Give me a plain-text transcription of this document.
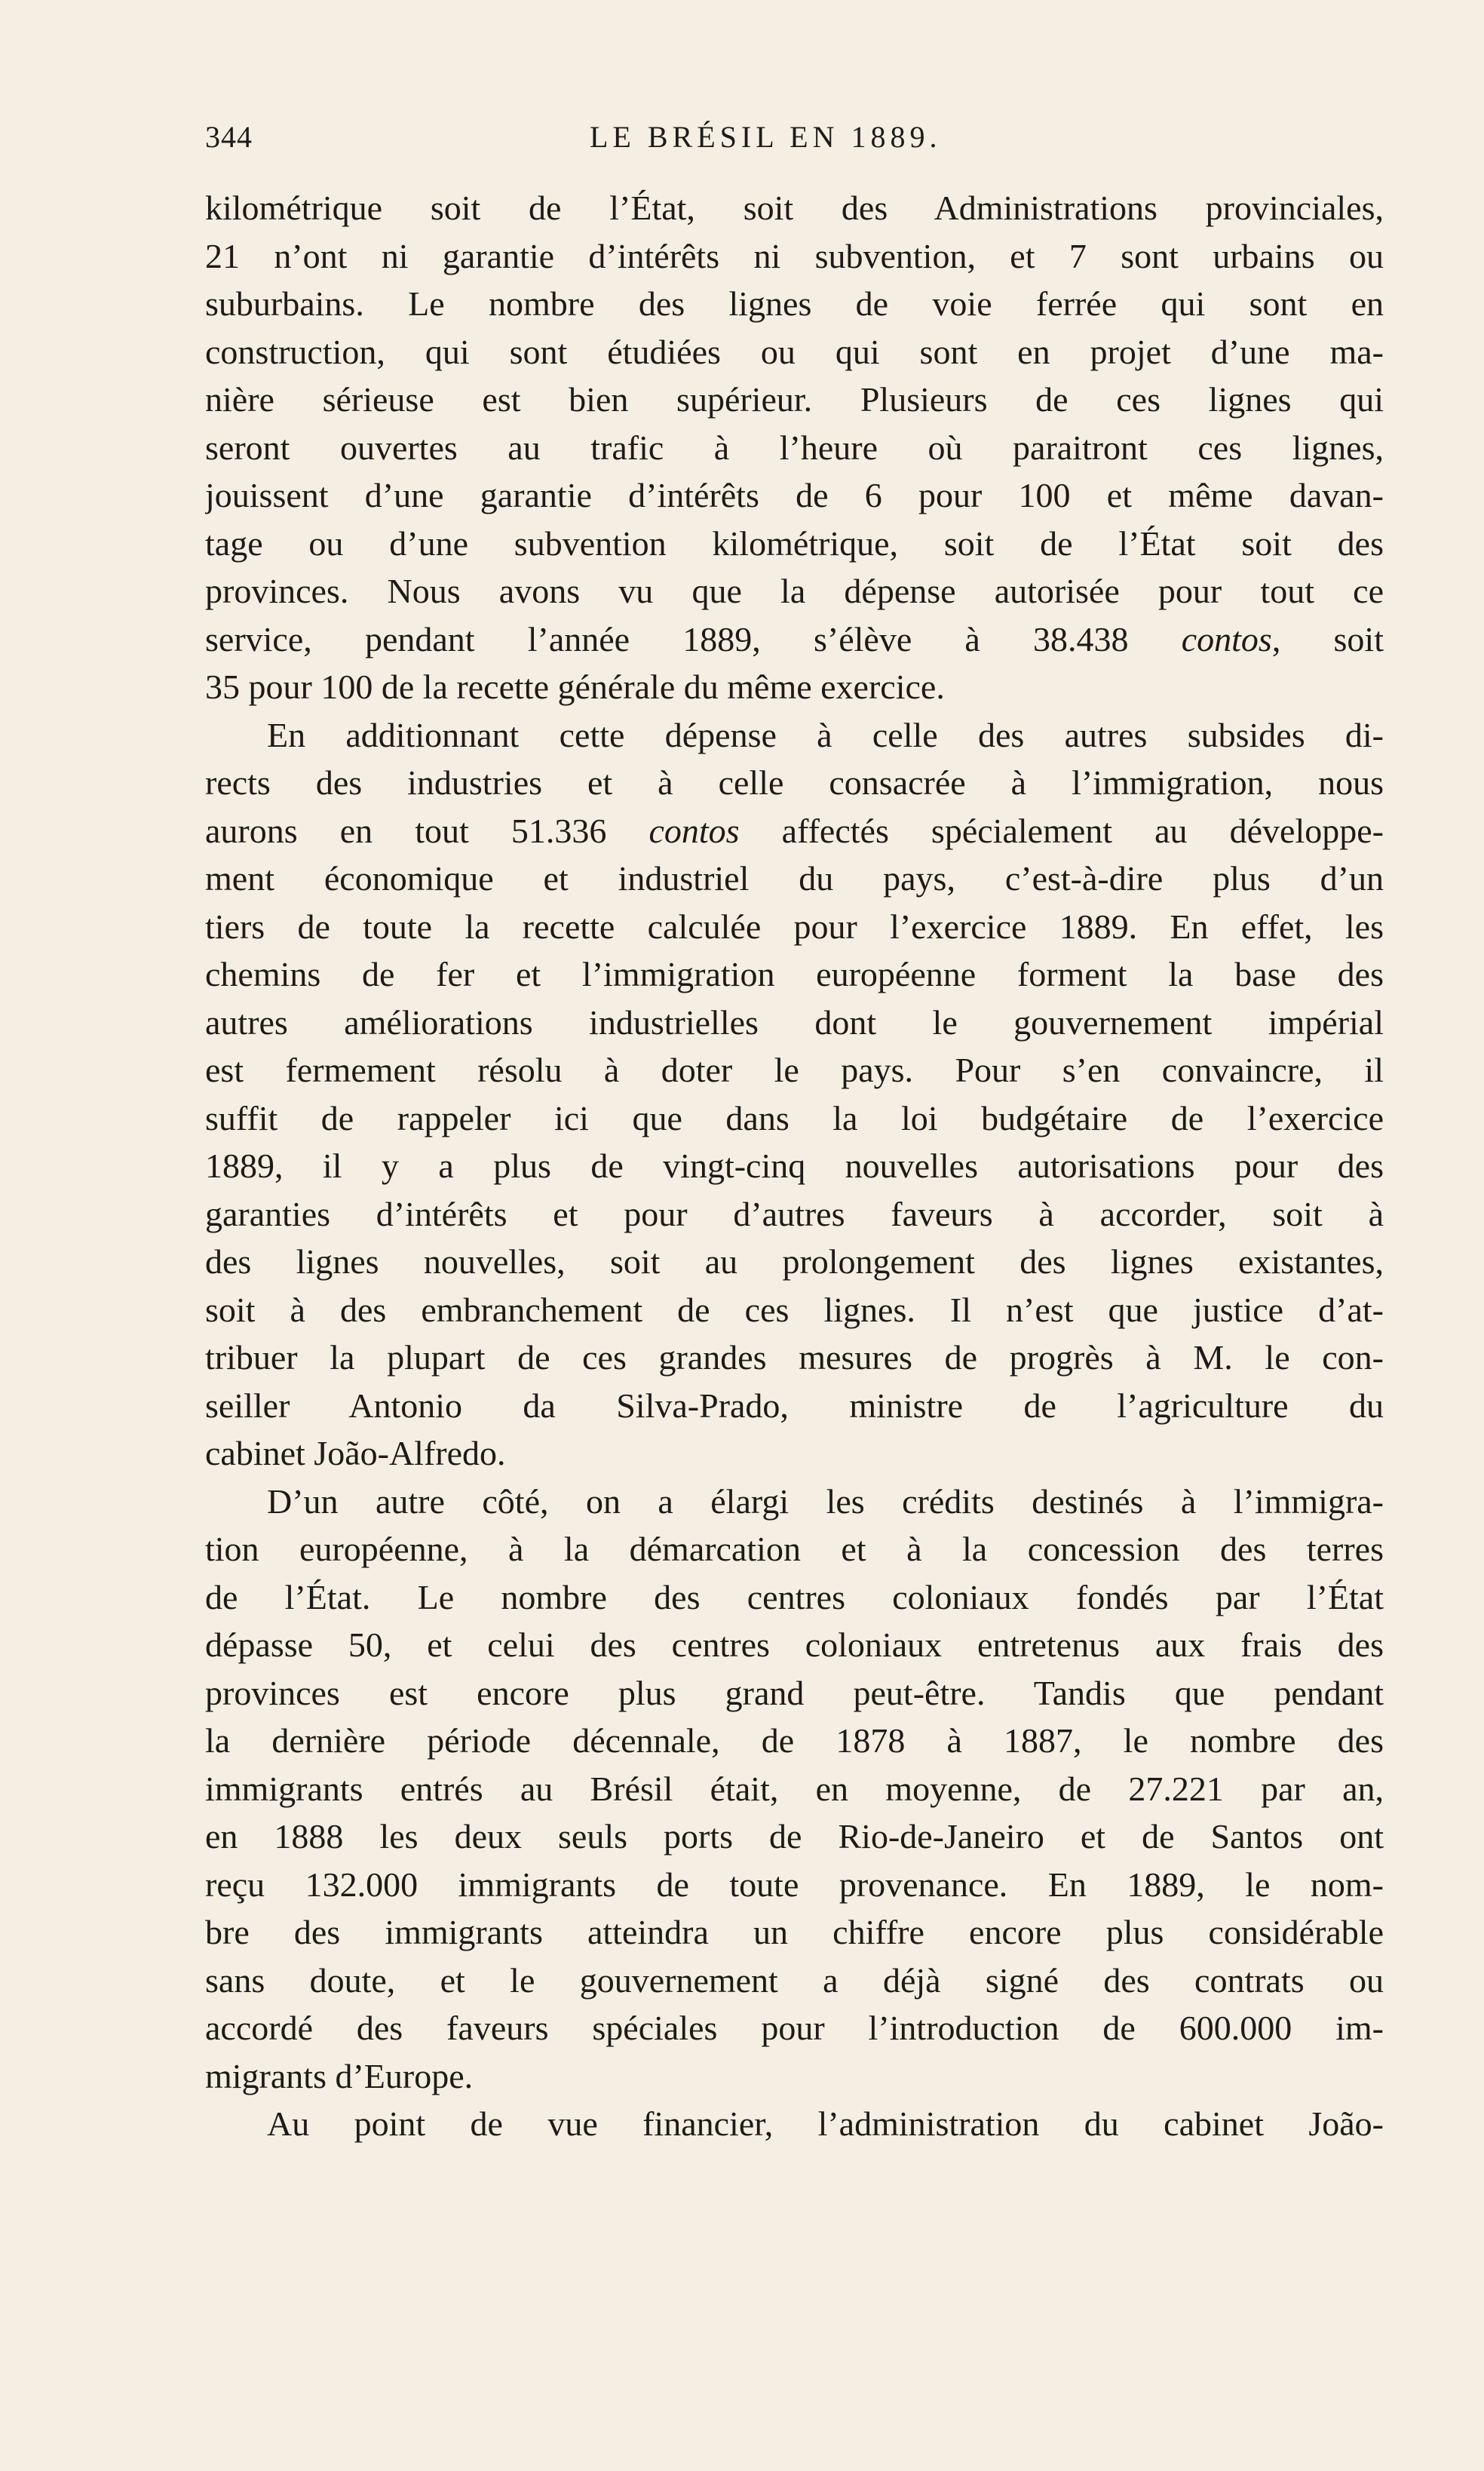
344	LE BRÉSIL EN 1889.
kilométrique soit de l’État, soit des Administrations provinciales,
21 n’ont ni garantie d’intérêts ni subvention, et 7 sont urbains ou
suburbains. Le nombre des lignes de voie ferrée qui sont en
construction, qui sont étudiées ou qui sont en projet d’une ma-
nière sérieuse est bien supérieur. Plusieurs de ces lignes qui
seront ouvertes au trafic à l’heure où paraitront ces lignes,
jouissent d’une garantie d’intérêts de 6 pour 100 et même davan-
tage ou d’une subvention kilométrique, soit de l’État soit des
provinces. Nous avons vu que la dépense autorisée pour tout ce
service, pendant l’année 1889, s’élève à 38.438 contos, soit
35 pour 100 de la recette générale du même exercice.
En additionnant cette dépense à celle des autres subsides di-
rects des industries et à celle consacrée à l’immigration, nous
aurons en tout 51.336 contos affectés spécialement au développe-
ment économique et industriel du pays, c’est-à-dire plus d’un
tiers de toute la recette calculée pour l’exercice 1889. En effet, les
chemins de fer et l’immigration européenne forment la base des
autres améliorations industrielles dont le gouvernement impérial
est fermement résolu à doter le pays. Pour s’en convaincre, il
suffit de rappeler ici que dans la loi budgétaire de l’exercice
1889, il y a plus de vingt-cinq nouvelles autorisations pour des
garanties d’intérêts et pour d’autres faveurs à accorder, soit à
des lignes nouvelles, soit au prolongement des lignes existantes,
soit à des embranchement de ces lignes. Il n’est que justice d’at-
tribuer la plupart de ces grandes mesures de progrès à M. le con-
seiller Antonio da Silva-Prado, ministre de l’agriculture du
cabinet João-Alfredo.
D’un autre côté, on a élargi les crédits destinés à l’immigra-
tion européenne, à la démarcation et à la concession des terres
de l’État. Le nombre des centres coloniaux fondés par l’État
dépasse 50, et celui des centres coloniaux entretenus aux frais des
provinces est encore plus grand peut-être. Tandis que pendant
la dernière période décennale, de 1878 à 1887, le nombre des
immigrants entrés au Brésil était, en moyenne, de 27.221 par an,
en 1888 les deux seuls ports de Rio-de-Janeiro et de Santos ont
reçu 132.000 immigrants de toute provenance. En 1889, le nom-
bre des immigrants atteindra un chiffre encore plus considérable
sans doute, et le gouvernement a déjà signé des contrats ou
accordé des faveurs spéciales pour l’introduction de 600.000 im-
migrants d’Europe.
Au point de vue financier, l’administration du cabinet João-
